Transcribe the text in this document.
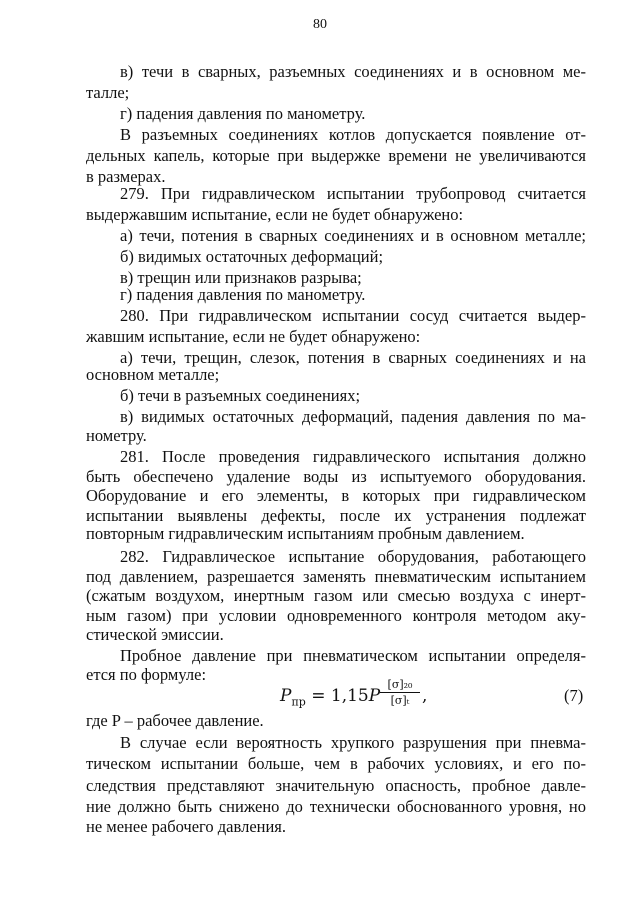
80
в) течи в сварных, разъемных соединениях и в основном ме-
талле;
г) падения давления по манометру.
В разъемных соединениях котлов допускается появление от-
дельных капель, которые при выдержке времени не увеличиваются
в размерах.
279. При гидравлическом испытании трубопровод считается
выдержавшим испытание, если не будет обнаружено:
а) течи, потения в сварных соединениях и в основном металле;
б) видимых остаточных деформаций;
в) трещин или признаков разрыва;
г) падения давления по манометру.
280. При гидравлическом испытании сосуд считается выдер-
жавшим испытание, если не будет обнаружено:
а) течи, трещин, слезок, потения в сварных соединениях и на
основном металле;
б) течи в разъемных соединениях;
в) видимых остаточных деформаций, падения давления по ма-
нометру.
281. После проведения гидравлического испытания должно
быть обеспечено удаление воды из испытуемого оборудования.
Оборудование и его элементы, в которых при гидравлическом
испытании выявлены дефекты, после их устранения подлежат
повторным гидравлическим испытаниям пробным давлением.
282. Гидравлическое испытание оборудования, работающего
под давлением, разрешается заменять пневматическим испытанием
(сжатым воздухом, инертным газом или смесью воздуха с инерт-
ным газом) при условии одновременного контроля методом аку-
стической эмиссии.
Пробное давление при пневматическом испытании определя-
ется по формуле:
$P_{пр} = 1,15P \frac{\text{[σ]₂₀}}{\text{[σ]ₜ}}$ ,	(7)
где P – рабочее давление.
В случае если вероятность хрупкого разрушения при пневма-
тическом испытании больше, чем в рабочих условиях, и его по-
следствия представляют значительную опасность, пробное давле-
ние должно быть снижено до технически обоснованного уровня, но
не менее рабочего давления.
